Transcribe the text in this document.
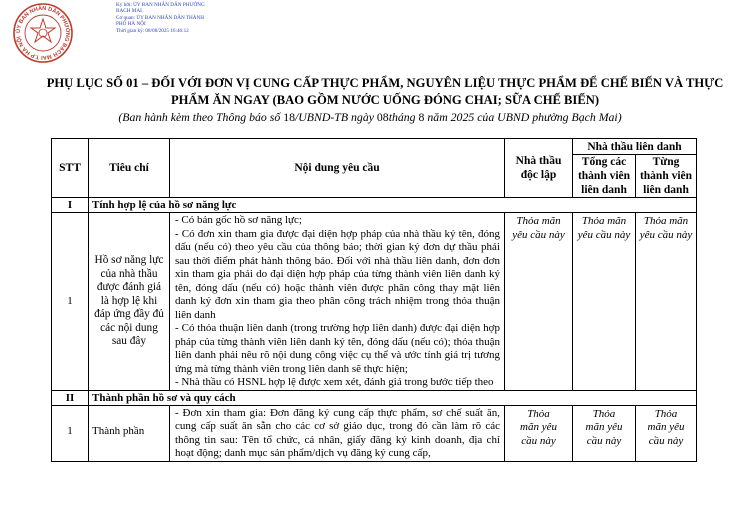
ỦY BAN NHÂN DÂN PHƯỜNG BẠCH MAI T.P HÀ NỘI
Ký bởi: ỦY BAN NHÂN DÂN PHƯỜNG
BẠCH MAI
Cơ quan: ỦY BAN NHÂN DÂN THÀNH
PHỐ HÀ NỘI
Thời gian ký: 08/08/2025 16:46:12
PHỤ LỤC SỐ 01 – ĐỐI VỚI ĐƠN VỊ CUNG CẤP THỰC PHẨM, NGUYÊN LIỆU THỰC PHẨM ĐỂ CHẾ BIẾN VÀ THỰC PHẨM ĂN NGAY (BAO GỒM NƯỚC UỐNG ĐÓNG CHAI; SỮA CHẾ BIẾN)
(Ban hành kèm theo Thông báo số 18/UBND-TB ngày 08tháng 8 năm 2025 của UBND phường Bạch Mai)
STT	Tiêu chí	Nội dung yêu cầu	Nhà thầu độc lập	Nhà thầu liên danh	
				Tổng các thành viên liên danh	Từng thành viên liên danh
I	Tính hợp lệ của hồ sơ năng lực				
1	Hồ sơ năng lực của nhà thầu được đánh giá là hợp lệ khi đáp ứng đầy đủ các nội dung sau đây	- Có bản gốc hồ sơ năng lực;
- Có đơn xin tham gia được đại diện hợp pháp của nhà thầu ký tên, đóng dấu (nếu có) theo yêu cầu của thông báo; thời gian ký đơn dự thầu phải sau thời điểm phát hành thông báo. Đối với nhà thầu liên danh, đơn đơn xin tham gia phải do đại diện hợp pháp của từng thành viên liên danh ký tên, đóng dấu (nếu có) hoặc thành viên được phân công thay mặt liên danh ký đơn xin tham gia theo phân công trách nhiệm trong thỏa thuận liên danh
- Có thỏa thuận liên danh (trong trường hợp liên danh) được đại diện hợp pháp của từng thành viên liên danh ký tên, đóng dấu (nếu có); thỏa thuận liên danh phải nêu rõ nội dung công việc cụ thể và ước tính giá trị tương ứng mà từng thành viên trong liên danh sẽ thực hiện;
- Nhà thầu có HSNL hợp lệ được xem xét, đánh giá trong bước tiếp theo	Thỏa mãn yêu cầu này	Thỏa mãn yêu cầu này	Thỏa mãn yêu cầu này
II	Thành phần hồ sơ và quy cách				
1	Thành phần	- Đơn xin tham gia: Đơn đăng ký cung cấp thực phẩm, sơ chế suất ăn, cung cấp suất ăn sẵn cho các cơ sở giáo dục, trong đó cần làm rõ các thông tin sau: Tên tổ chức, cá nhân, giấy đăng ký kinh doanh, địa chỉ hoạt động; danh mục sản phẩm/dịch vụ đăng ký cung cấp,	Thỏa mãn yêu cầu này	Thỏa mãn yêu cầu này	Thỏa mãn yêu cầu này
